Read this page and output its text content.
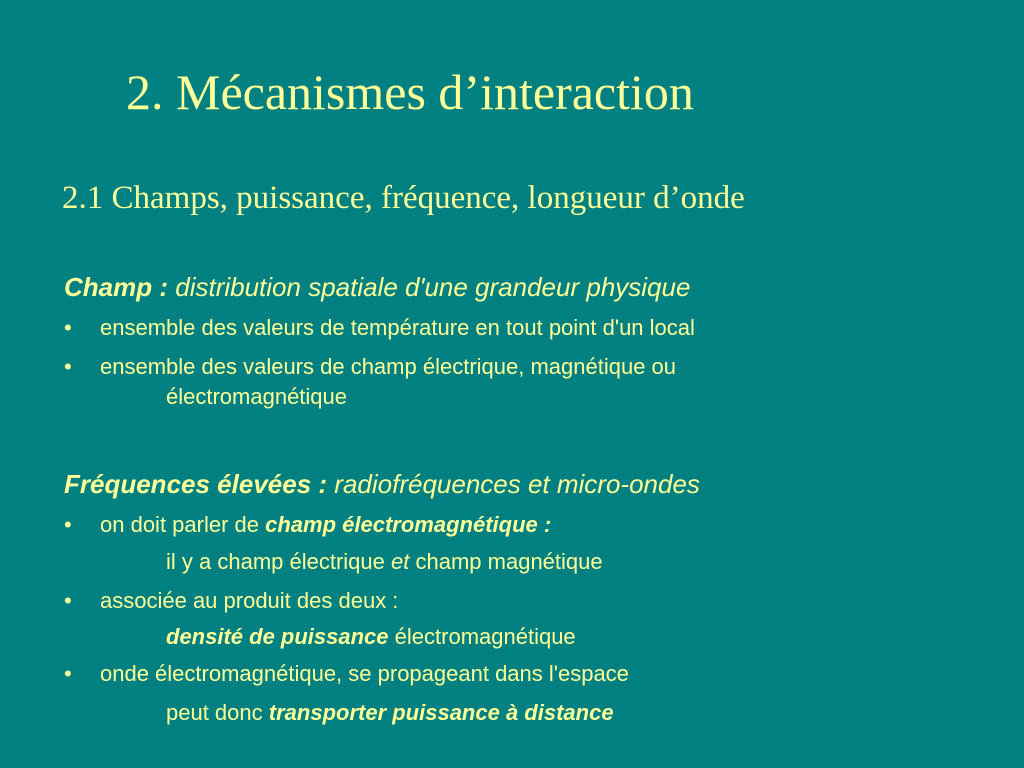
2. Mécanismes d’interaction
2.1 Champs, puissance, fréquence, longueur d’onde
Champ : distribution spatiale d'une grandeur physique
• ensemble des valeurs de température en tout point d'un local
• ensemble des valeurs de champ électrique, magnétique ou
électromagnétique
Fréquences élevées : radiofréquences et micro-ondes
• on doit parler de champ électromagnétique :
il y a champ électrique et champ magnétique
• associée au produit des deux :
densité de puissance électromagnétique
• onde électromagnétique, se propageant dans l'espace
peut donc transporter puissance à distance
